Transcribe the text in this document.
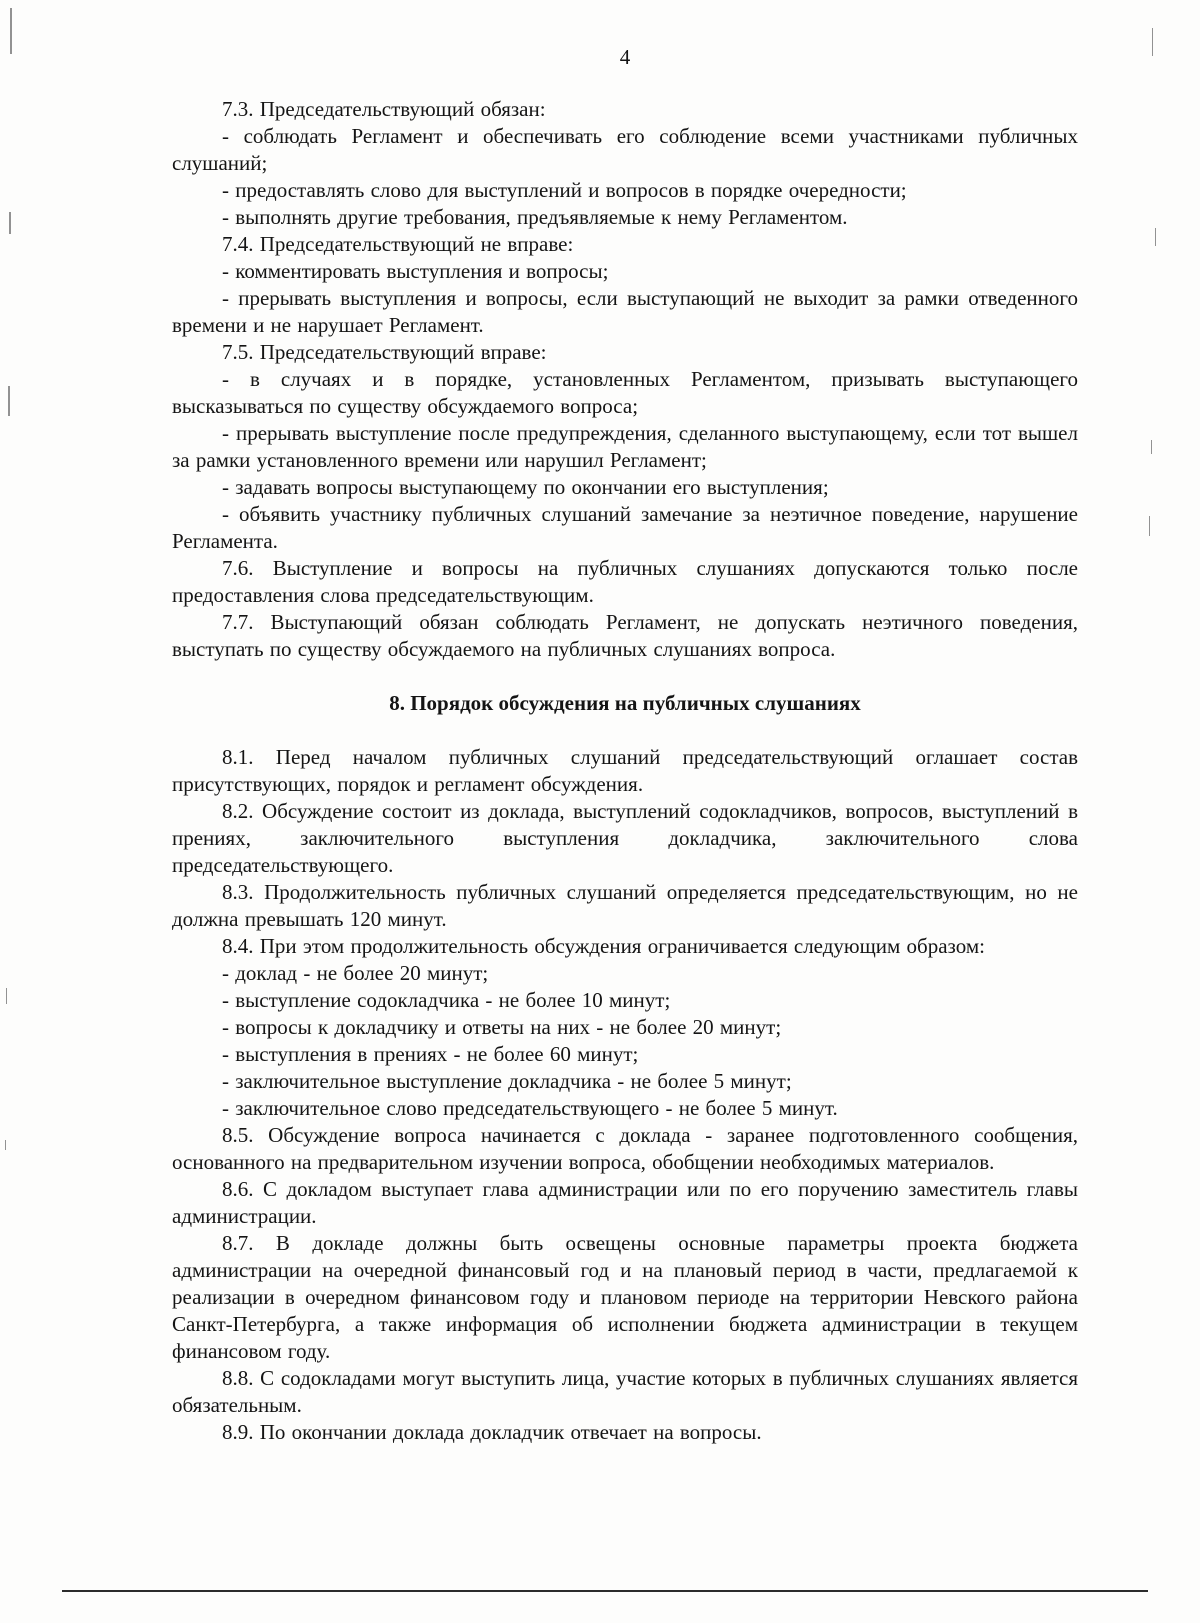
4

7.3. Председательствующий обязан:

- соблюдать Регламент и обеспечивать его соблюдение всеми участниками публичных слушаний;

- предоставлять слово для выступлений и вопросов в порядке очередности;

- выполнять другие требования, предъявляемые к нему Регламентом.

7.4. Председательствующий не вправе:

- комментировать выступления и вопросы;

- прерывать выступления и вопросы, если выступающий не выходит за рамки отведенного времени и не нарушает Регламент.

7.5. Председательствующий вправе:

- в случаях и в порядке, установленных Регламентом, призывать выступающего высказываться по существу обсуждаемого вопроса;

- прерывать выступление после предупреждения, сделанного выступающему, если тот вышел за рамки установленного времени или нарушил Регламент;

- задавать вопросы выступающему по окончании его выступления;

- объявить участнику публичных слушаний замечание за неэтичное поведение, нарушение Регламента.

7.6. Выступление и вопросы на публичных слушаниях допускаются только после предоставления слова председательствующим.

7.7. Выступающий обязан соблюдать Регламент, не допускать неэтичного поведения, выступать по существу обсуждаемого на публичных слушаниях вопроса.

8. Порядок обсуждения на публичных слушаниях

8.1. Перед началом публичных слушаний председательствующий оглашает состав присутствующих, порядок и регламент обсуждения.

8.2. Обсуждение состоит из доклада, выступлений содокладчиков, вопросов, выступлений в прениях, заключительного выступления докладчика, заключительного слова председательствующего.

8.3. Продолжительность публичных слушаний определяется председательствующим, но не должна превышать 120 минут.

8.4. При этом продолжительность обсуждения ограничивается следующим образом:

- доклад - не более 20 минут;

- выступление содокладчика - не более 10 минут;

- вопросы к докладчику и ответы на них - не более 20 минут;

- выступления в прениях - не более 60 минут;

- заключительное выступление докладчика - не более 5 минут;

- заключительное слово председательствующего - не более 5 минут.

8.5. Обсуждение вопроса начинается с доклада - заранее подготовленного сообщения, основанного на предварительном изучении вопроса, обобщении необходимых материалов.

8.6. С докладом выступает глава администрации или по его поручению заместитель главы администрации.

8.7. В докладе должны быть освещены основные параметры проекта бюджета администрации на очередной финансовый год и на плановый период в части, предлагаемой к реализации в очередном финансовом году и плановом периоде на территории Невского района Санкт-Петербурга, а также информация об исполнении бюджета администрации в текущем финансовом году.

8.8. С содокладами могут выступить лица, участие которых в публичных слушаниях является обязательным.

8.9. По окончании доклада докладчик отвечает на вопросы.
